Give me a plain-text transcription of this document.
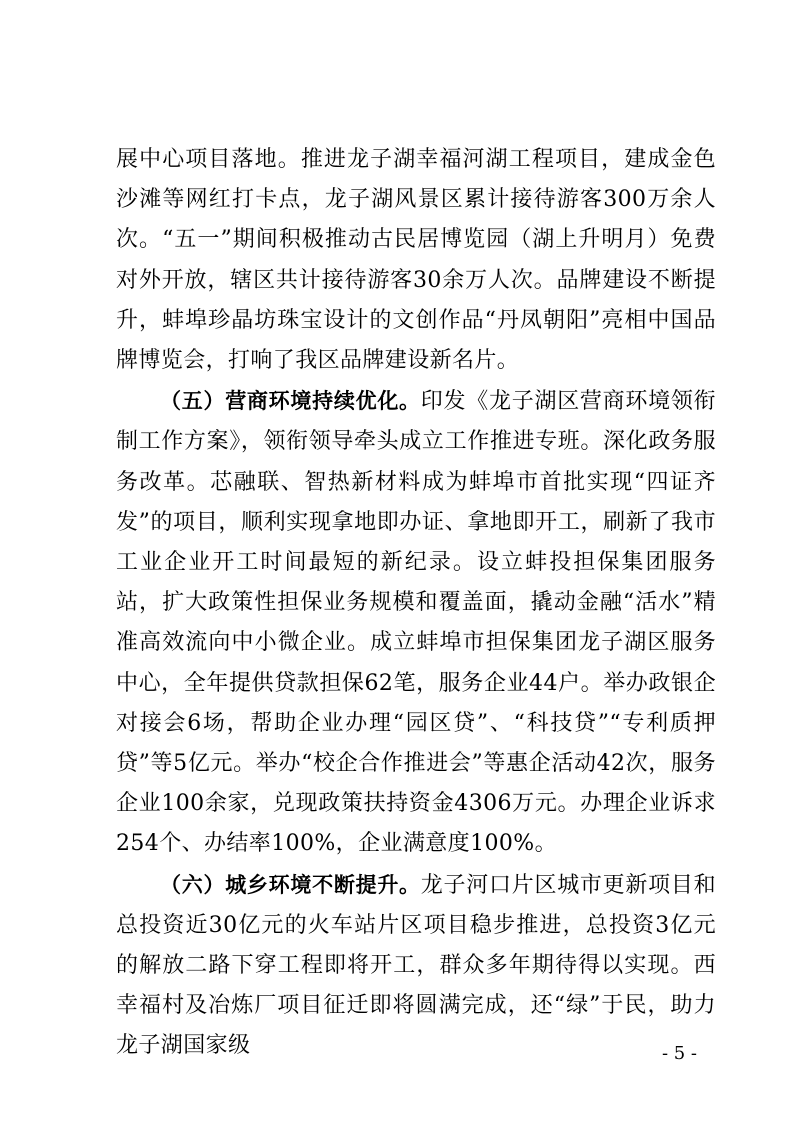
展中心项目落地。推进龙子湖幸福河湖工程项目，建成金色沙滩等网红打卡点，龙子湖风景区累计接待游客300万余人次。“五一”期间积极推动古民居博览园（湖上升明月）免费对外开放，辖区共计接待游客30余万人次。品牌建设不断提升，蚌埠珍晶坊珠宝设计的文创作品“丹凤朝阳”亮相中国品牌博览会，打响了我区品牌建设新名片。

（五）营商环境持续优化。印发《龙子湖区营商环境领衔制工作方案》，领衔领导牵头成立工作推进专班。深化政务服务改革。芯融联、智热新材料成为蚌埠市首批实现“四证齐发”的项目，顺利实现拿地即办证、拿地即开工，刷新了我市工业企业开工时间最短的新纪录。设立蚌投担保集团服务站，扩大政策性担保业务规模和覆盖面，撬动金融“活水”精准高效流向中小微企业。成立蚌埠市担保集团龙子湖区服务中心，全年提供贷款担保62笔，服务企业44户。举办政银企对接会6场，帮助企业办理“园区贷”、“科技贷”“专利质押贷”等5亿元。举办“校企合作推进会”等惠企活动42次，服务企业100余家，兑现政策扶持资金4306万元。办理企业诉求254个、办结率100%，企业满意度100%。

（六）城乡环境不断提升。龙子河口片区城市更新项目和总投资近30亿元的火车站片区项目稳步推进，总投资3亿元的解放二路下穿工程即将开工，群众多年期待得以实现。西幸福村及冶炼厂项目征迁即将圆满完成，还“绿”于民，助力龙子湖国家级	- 5 -
